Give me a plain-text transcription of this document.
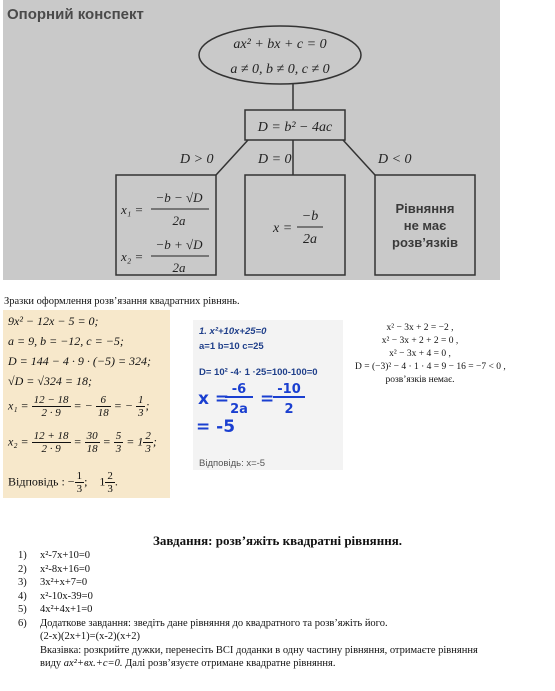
ax² + bx + c = 0
a ≠ 0, b ≠ 0, c ≠ 0
D = b² − 4ac
D > 0	D = 0	D < 0
x₁ =
−b − √D
2a
x₂ =
−b + √D
2a
x =
−b
2a
Рівняння
не має
розв’язків
Опорний конспект
Зразки оформлення розв’язання квадратних рівнянь.
9x² − 12x − 5 = 0;
a = 9, b = −12, c = −5;
D = 144 − 4 · 9 · (−5) = 324;
√D = √324 = 18;
$x_1 = \frac{12 - 18}{2 \cdot 9}$ = − $\frac{6}{18}$ = − $\frac{1}{3}$ ;
$x_2 = \frac{12 + 18}{2 \cdot 9} = \frac{30}{18} = \frac{5}{3} = 1 \frac{2}{3}$ ;
Відповідь : − $\frac{1}{3}$ ; $1 \frac{2}{3}$ .
1. x²+10x+25=0
a=1 b=10 c=25
D= 10² -4· 1 ·25=100-100=0
x = -6
2a
= -10
2
= -5
Відповідь: x=-5
x² − 3x + 2 = −2 ,
x² − 3x + 2 + 2 = 0 ,
x² − 3x + 4 = 0 ,
D = (−3)² − 4 · 1 · 4 = 9 − 16 = −7 < 0 ,
розв’язків немає.
Завдання: розв’яжіть квадратні рівняння.
1) x²-7x+10=0
2) x²-8x+16=0
3) 3x²+x+7=0
4) x²-10x-39=0
5) 4x²+4x+1=0
6) Додаткове завдання: зведіть дане рівняння до квадратного та розв’яжіть його.
(2-x)(2x+1)=(x-2)(x+2)
Вказівка: розкрийте дужки, перенесіть ВСІ доданки в одну частину рівняння, отримаєте рівняння
виду ax²+вх.+с=0. Далі розв’язуєте отримане квадратне рівняння.
